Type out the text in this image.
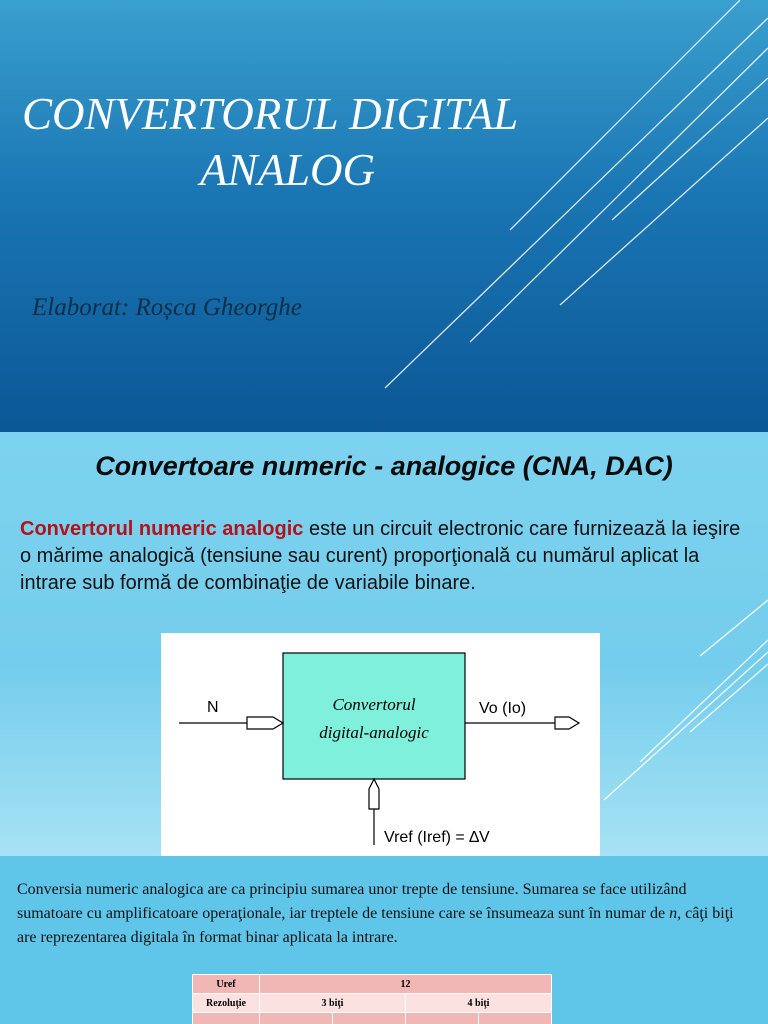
CONVERTORUL DIGITAL
ANALOG

Elaborat: Roșca Gheorghe

Convertoare numeric - analogice (CNA, DAC)

Convertorul numeric analogic este un circuit electronic care furnizează la ieşire o mărime analogică (tensiune sau curent) proporţională cu numărul aplicat la intrare sub formă de combinaţie de variabile binare.

Convertorul
digital-analogic
N	Vo (Io)
Vref (Iref) = ∆V

Conversia numeric analogica are ca principiu sumarea unor trepte de tensiune. Sumarea se face utilizând sumatoare cu amplificatoare operaţionale, iar treptele de tensiune care se însumeaza sunt în numar de n, câţi biţi are reprezentarea digitala în format binar aplicata la intrare.

Uref	12			
Rezoluţie	3 biţi		4 biţi	
